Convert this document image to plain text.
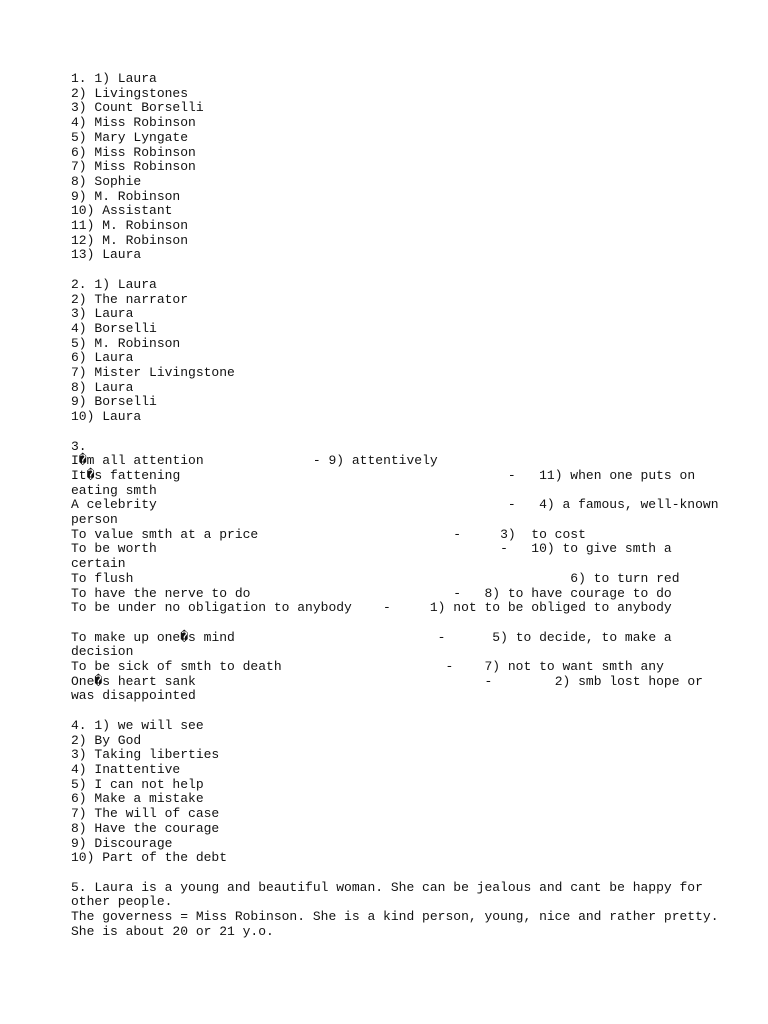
1. 1) Laura
2) Livingstones
3) Count Borselli
4) Miss Robinson
5) Mary Lyngate
6) Miss Robinson
7) Miss Robinson
8) Sophie
9) M. Robinson
10) Assistant
11) M. Robinson
12) M. Robinson
13) Laura
2. 1) Laura
2) The narrator
3) Laura
4) Borselli
5) M. Robinson
6) Laura
7) Mister Livingstone
8) Laura
9) Borselli
10) Laura
3.
I�m all attention              - 9) attentively
It�s fattening                                          -   11) when one puts on
eating smth
A celebrity                                             -   4) a famous, well-known
person
To value smth at a price                         -     3)  to cost
To be worth                                            -   10) to give smth a
certain
To flush                                                        6) to turn red
To have the nerve to do                          -   8) to have courage to do
To be under no obligation to anybody    -     1) not to be obliged to anybody
To make up one�s mind                          -      5) to decide, to make a
decision
To be sick of smth to death                     -    7) not to want smth any
One�s heart sank                                     -        2) smb lost hope or
was disappointed
4. 1) we will see
2) By God
3) Taking liberties
4) Inattentive
5) I can not help
6) Make a mistake
7) The will of case
8) Have the courage
9) Discourage
10) Part of the debt
5. Laura is a young and beautiful woman. She can be jealous and cant be happy for
other people.
The governess = Miss Robinson. She is a kind person, young, nice and rather pretty.
She is about 20 or 21 y.o.
